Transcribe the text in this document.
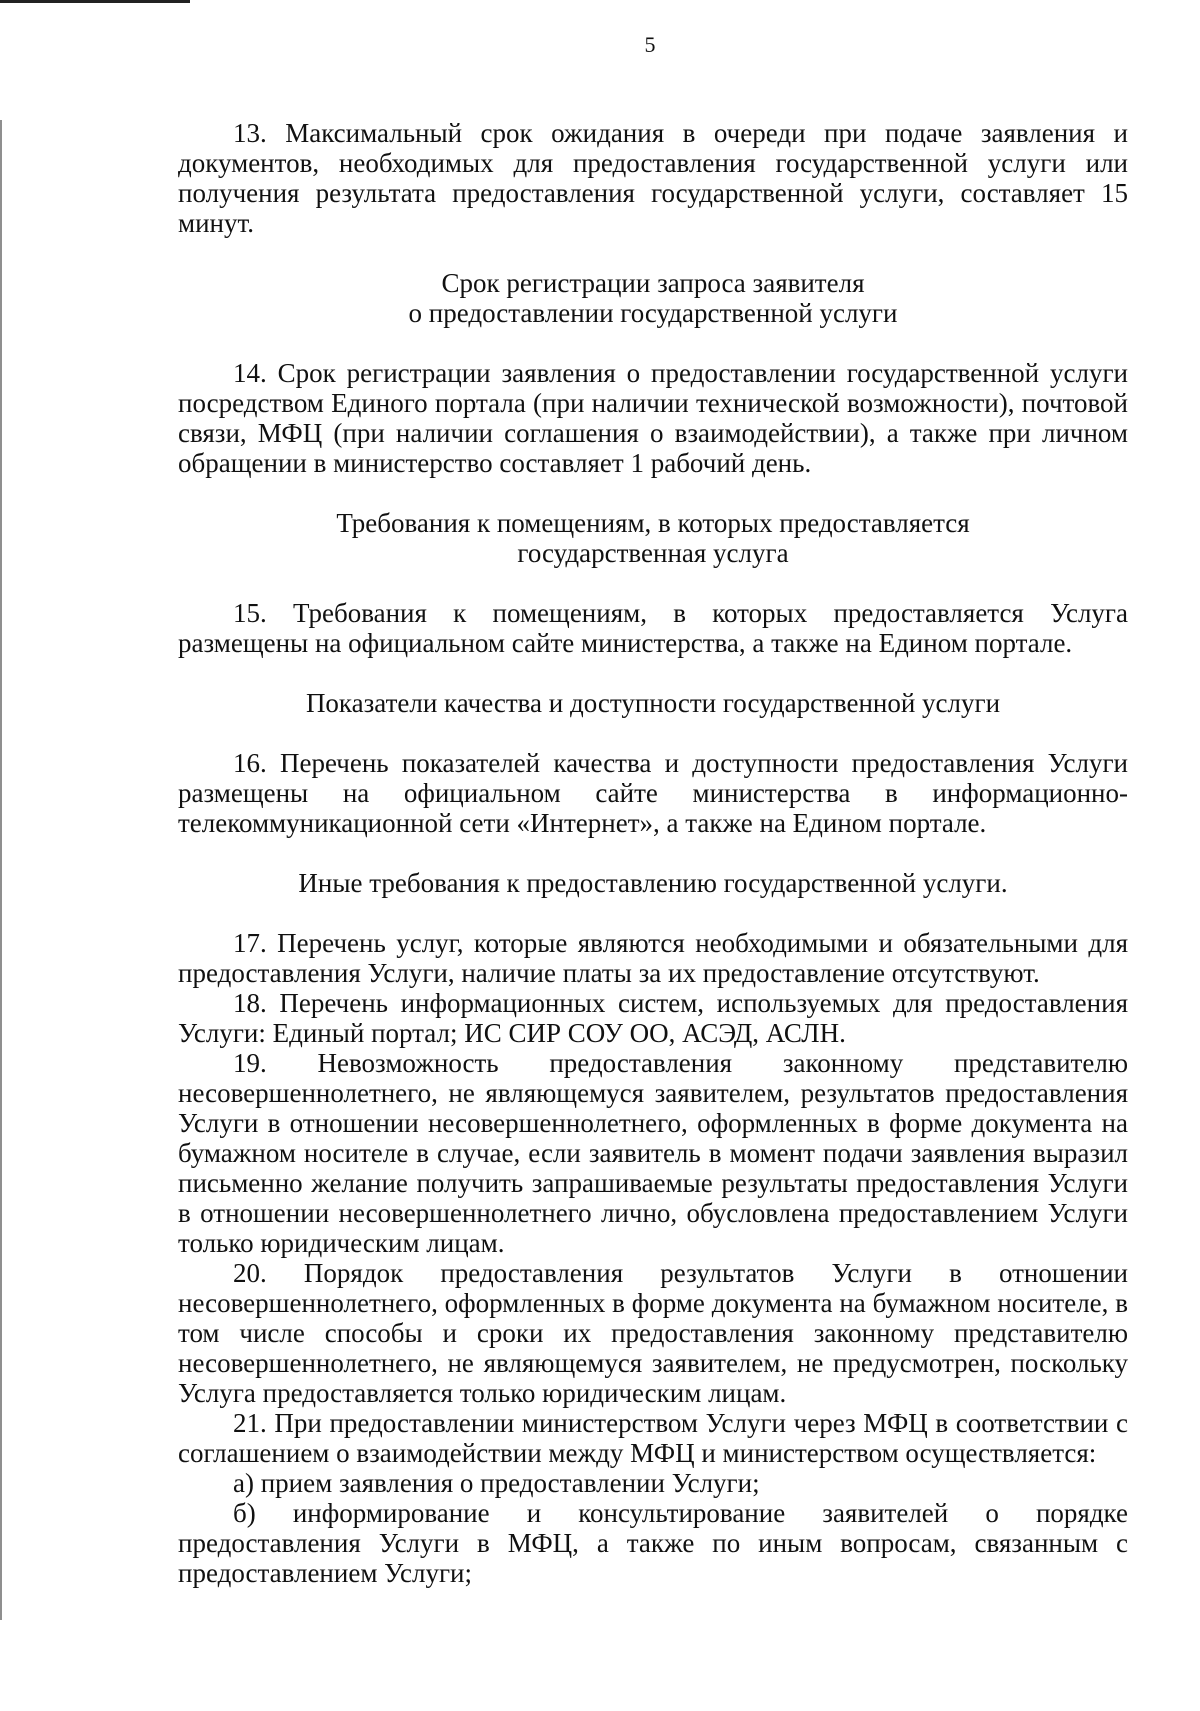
5

13. Максимальный срок ожидания в очереди при подаче заявления и документов, необходимых для предоставления государственной услуги или получения результата предоставления государственной услуги, составляет 15 минут.

Срок регистрации запроса заявителя

о предоставлении государственной услуги

14. Срок регистрации заявления о предоставлении государственной услуги посредством Единого портала (при наличии технической возможности), почтовой связи, МФЦ (при наличии соглашения о взаимодействии), а также при личном обращении в министерство составляет 1 рабочий день.

Требования к помещениям, в которых предоставляется

государственная услуга

15. Требования к помещениям, в которых предоставляется Услуга размещены на официальном сайте министерства, а также на Едином портале.

Показатели качества и доступности государственной услуги

16. Перечень показателей качества и доступности предоставления Услуги размещены на официальном сайте министерства в информационно-телекоммуникационной сети «Интернет», а также на Едином портале.

Иные требования к предоставлению государственной услуги.

17. Перечень услуг, которые являются необходимыми и обязательными для предоставления Услуги, наличие платы за их предоставление отсутствуют.

18. Перечень информационных систем, используемых для предоставления Услуги: Единый портал; ИС СИР СОУ ОО, АСЭД, АСЛН.

19. Невозможность предоставления законному представителю несовершеннолетнего, не являющемуся заявителем, результатов предоставления Услуги в отношении несовершеннолетнего, оформленных в форме документа на бумажном носителе в случае, если заявитель в момент подачи заявления выразил письменно желание получить запрашиваемые результаты предоставления Услуги в отношении несовершеннолетнего лично, обусловлена предоставлением Услуги только юридическим лицам.

20. Порядок предоставления результатов Услуги в отношении несовершеннолетнего, оформленных в форме документа на бумажном носителе, в том числе способы и сроки их предоставления законному представителю несовершеннолетнего, не являющемуся заявителем, не предусмотрен, поскольку Услуга предоставляется только юридическим лицам.

21. При предоставлении министерством Услуги через МФЦ в соответствии с соглашением о взаимодействии между МФЦ и министерством осуществляется:

а) прием заявления о предоставлении Услуги;

б) информирование и консультирование заявителей о порядке предоставления Услуги в МФЦ, а также по иным вопросам, связанным с предоставлением Услуги;
